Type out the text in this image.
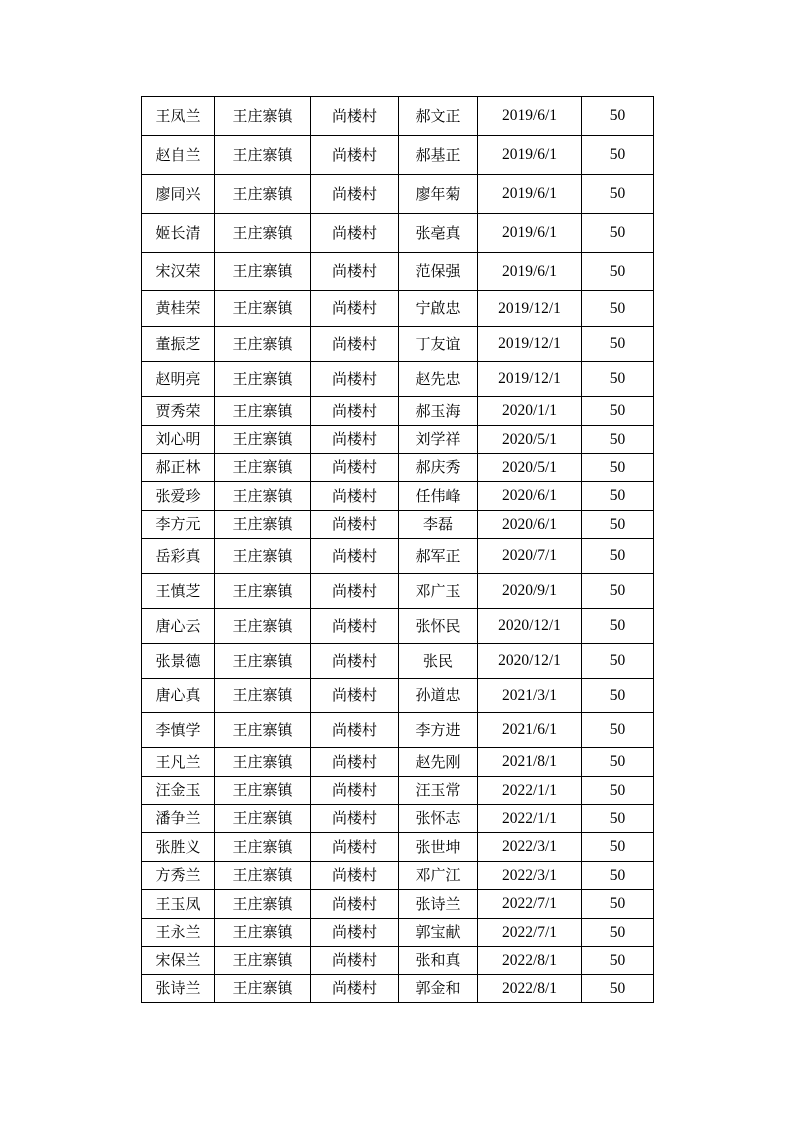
王凤兰	王庄寨镇	尚楼村	郝文正	2019/6/1	50
赵自兰	王庄寨镇	尚楼村	郝基正	2019/6/1	50
廖同兴	王庄寨镇	尚楼村	廖年菊	2019/6/1	50
姬长清	王庄寨镇	尚楼村	张亳真	2019/6/1	50
宋汉荣	王庄寨镇	尚楼村	范保强	2019/6/1	50
黄桂荣	王庄寨镇	尚楼村	宁啟忠	2019/12/1	50
董振芝	王庄寨镇	尚楼村	丁友谊	2019/12/1	50
赵明亮	王庄寨镇	尚楼村	赵先忠	2019/12/1	50
贾秀荣	王庄寨镇	尚楼村	郝玉海	2020/1/1	50
刘心明	王庄寨镇	尚楼村	刘学祥	2020/5/1	50
郝正林	王庄寨镇	尚楼村	郝庆秀	2020/5/1	50
张爱珍	王庄寨镇	尚楼村	任伟峰	2020/6/1	50
李方元	王庄寨镇	尚楼村	李磊	2020/6/1	50
岳彩真	王庄寨镇	尚楼村	郝军正	2020/7/1	50
王慎芝	王庄寨镇	尚楼村	邓广玉	2020/9/1	50
唐心云	王庄寨镇	尚楼村	张怀民	2020/12/1	50
张景德	王庄寨镇	尚楼村	张民	2020/12/1	50
唐心真	王庄寨镇	尚楼村	孙道忠	2021/3/1	50
李慎学	王庄寨镇	尚楼村	李方进	2021/6/1	50
王凡兰	王庄寨镇	尚楼村	赵先刚	2021/8/1	50
汪金玉	王庄寨镇	尚楼村	汪玉常	2022/1/1	50
潘争兰	王庄寨镇	尚楼村	张怀志	2022/1/1	50
张胜义	王庄寨镇	尚楼村	张世坤	2022/3/1	50
方秀兰	王庄寨镇	尚楼村	邓广江	2022/3/1	50
王玉凤	王庄寨镇	尚楼村	张诗兰	2022/7/1	50
王永兰	王庄寨镇	尚楼村	郭宝献	2022/7/1	50
宋保兰	王庄寨镇	尚楼村	张和真	2022/8/1	50
张诗兰	王庄寨镇	尚楼村	郭金和	2022/8/1	50
